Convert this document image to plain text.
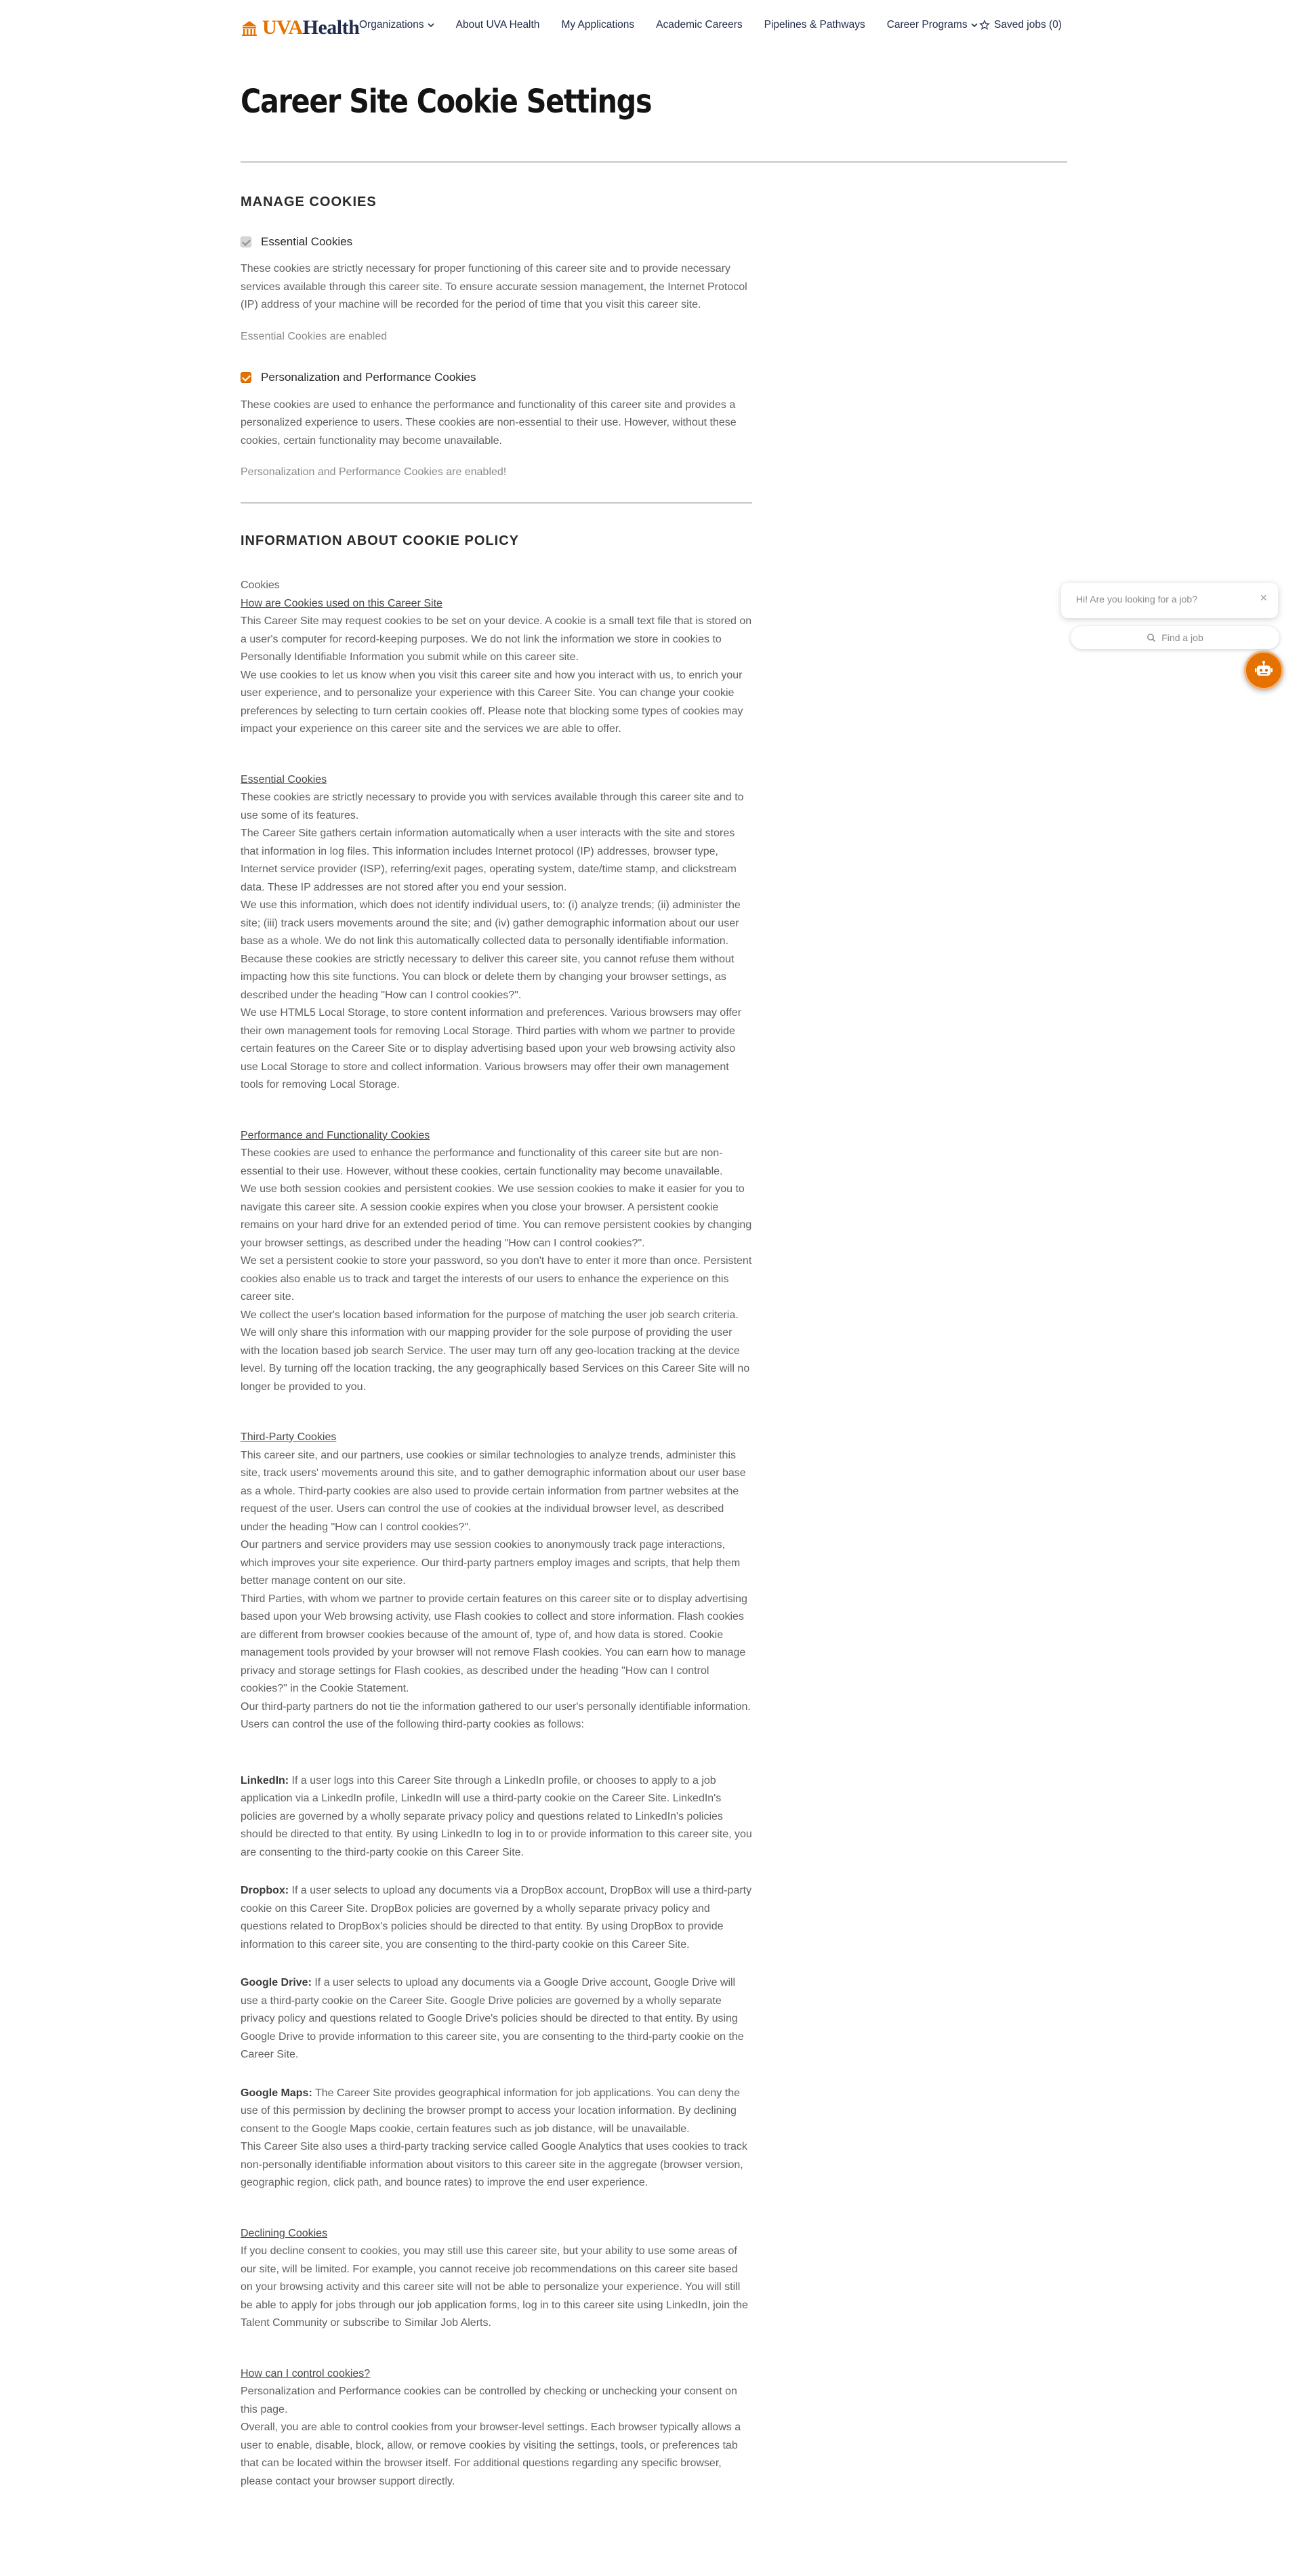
UVAHealth Organizations	About UVA Health My Applications Academic Careers Pipelines & Pathways Career Programs	Saved jobs (0)
Career Site Cookie Settings
MANAGE COOKIES
Essential Cookies

These cookies are strictly necessary for proper functioning of this career site and to provide necessary services available through this career site. To ensure accurate session management, the Internet Protocol (IP) address of your machine will be recorded for the period of time that you visit this career site.

Essential Cookies are enabled

Personalization and Performance Cookies

These cookies are used to enhance the performance and functionality of this career site and provides a personalized experience to users. These cookies are non-essential to their use. However, without these cookies, certain functionality may become unavailable.

Personalization and Performance Cookies are enabled!

INFORMATION ABOUT COOKIE POLICY
Cookies
How are Cookies used on this Career Site

This Career Site may request cookies to be set on your device. A cookie is a small text file that is stored on a user's computer for record-keeping purposes. We do not link the information we store in cookies to Personally Identifiable Information you submit while on this career site.

We use cookies to let us know when you visit this career site and how you interact with us, to enrich your user experience, and to personalize your experience with this Career Site. You can change your cookie preferences by selecting to turn certain cookies off. Please note that blocking some types of cookies may impact your experience on this career site and the services we are able to offer.

Essential Cookies

These cookies are strictly necessary to provide you with services available through this career site and to use some of its features.

The Career Site gathers certain information automatically when a user interacts with the site and stores that information in log files. This information includes Internet protocol (IP) addresses, browser type, Internet service provider (ISP), referring/exit pages, operating system, date/time stamp, and clickstream data. These IP addresses are not stored after you end your session.

We use this information, which does not identify individual users, to: (i) analyze trends; (ii) administer the site; (iii) track users movements around the site; and (iv) gather demographic information about our user base as a whole. We do not link this automatically collected data to personally identifiable information.

Because these cookies are strictly necessary to deliver this career site, you cannot refuse them without impacting how this site functions. You can block or delete them by changing your browser settings, as described under the heading "How can I control cookies?".

We use HTML5 Local Storage, to store content information and preferences. Various browsers may offer their own management tools for removing Local Storage. Third parties with whom we partner to provide certain features on the Career Site or to display advertising based upon your web browsing activity also use Local Storage to store and collect information. Various browsers may offer their own management tools for removing Local Storage.

Performance and Functionality Cookies

These cookies are used to enhance the performance and functionality of this career site but are non-essential to their use. However, without these cookies, certain functionality may become unavailable.

We use both session cookies and persistent cookies. We use session cookies to make it easier for you to navigate this career site. A session cookie expires when you close your browser. A persistent cookie remains on your hard drive for an extended period of time. You can remove persistent cookies by changing your browser settings, as described under the heading "How can I control cookies?".

We set a persistent cookie to store your password, so you don't have to enter it more than once. Persistent cookies also enable us to track and target the interests of our users to enhance the experience on this career site.

We collect the user's location based information for the purpose of matching the user job search criteria. We will only share this information with our mapping provider for the sole purpose of providing the user with the location based job search Service. The user may turn off any geo-location tracking at the device level. By turning off the location tracking, the any geographically based Services on this Career Site will no longer be provided to you.

Third-Party Cookies

This career site, and our partners, use cookies or similar technologies to analyze trends, administer this site, track users' movements around this site, and to gather demographic information about our user base as a whole. Third-party cookies are also used to provide certain information from partner websites at the request of the user. Users can control the use of cookies at the individual browser level, as described under the heading "How can I control cookies?".

Our partners and service providers may use session cookies to anonymously track page interactions, which improves your site experience. Our third-party partners employ images and scripts, that help them better manage content on our site.

Third Parties, with whom we partner to provide certain features on this career site or to display advertising based upon your Web browsing activity, use Flash cookies to collect and store information. Flash cookies are different from browser cookies because of the amount of, type of, and how data is stored. Cookie management tools provided by your browser will not remove Flash cookies. You can earn how to manage privacy and storage settings for Flash cookies, as described under the heading "How can I control cookies?" in the Cookie Statement.

Our third-party partners do not tie the information gathered to our user's personally identifiable information.

Users can control the use of the following third-party cookies as follows:

LinkedIn: If a user logs into this Career Site through a LinkedIn profile, or chooses to apply to a job application via a LinkedIn profile, LinkedIn will use a third-party cookie on the Career Site. LinkedIn's policies are governed by a wholly separate privacy policy and questions related to LinkedIn's policies should be directed to that entity. By using LinkedIn to log in to or provide information to this career site, you are consenting to the third-party cookie on this Career Site.

Dropbox: If a user selects to upload any documents via a DropBox account, DropBox will use a third-party cookie on this Career Site. DropBox policies are governed by a wholly separate privacy policy and questions related to DropBox's policies should be directed to that entity. By using DropBox to provide information to this career site, you are consenting to the third-party cookie on this Career Site.

Google Drive: If a user selects to upload any documents via a Google Drive account, Google Drive will use a third-party cookie on the Career Site. Google Drive policies are governed by a wholly separate privacy policy and questions related to Google Drive's policies should be directed to that entity. By using Google Drive to provide information to this career site, you are consenting to the third-party cookie on the Career Site.

Google Maps: The Career Site provides geographical information for job applications. You can deny the use of this permission by declining the browser prompt to access your location information. By declining consent to the Google Maps cookie, certain features such as job distance, will be unavailable.

This Career Site also uses a third-party tracking service called Google Analytics that uses cookies to track non-personally identifiable information about visitors to this career site in the aggregate (browser version, geographic region, click path, and bounce rates) to improve the end user experience.

Declining Cookies

If you decline consent to cookies, you may still use this career site, but your ability to use some areas of our site, will be limited. For example, you cannot receive job recommendations on this career site based on your browsing activity and this career site will not be able to personalize your experience. You will still be able to apply for jobs through our job application forms, log in to this career site using LinkedIn, join the Talent Community or subscribe to Similar Job Alerts.

How can I control cookies?

Personalization and Performance cookies can be controlled by checking or unchecking your consent on this page.

Overall, you are able to control cookies from your browser-level settings. Each browser typically allows a user to enable, disable, block, allow, or remove cookies by visiting the settings, tools, or preferences tab that can be located within the browser itself. For additional questions regarding any specific browser, please contact your browser support directly.

Hi! Are you looking for a job?	×
Find a job
